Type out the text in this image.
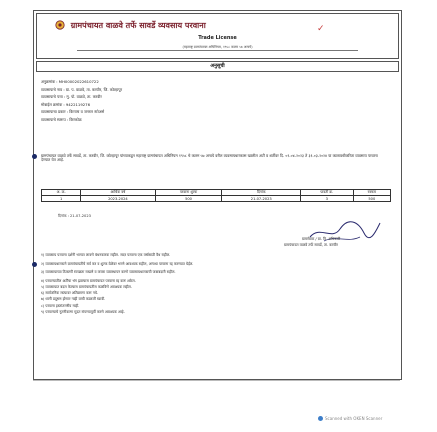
ग्रामपंचायत वाळवे तर्फे सावर्डे व्यवसाय परवाना
Trade License
(महाराष्ट्र ग्रामपंचायत अधिनियम, १९५८ कलम ५७ अन्वये)
✓
अनुसूची
अनुक्रमांक : MH00002022610722
व्यवसायाचे नाव : ग्रा. प. वाळवे, ता. करवीर, जि. कोल्हापूर
व्यवसायाचे पत्ता : मु. पो. वाळवे, ता. करवीर
मोबाईल क्रमांक : 9422119276
व्यवसायाचा प्रकार : किराणा व जनरल स्टोअर्स
व्यवसायाचे स्वरूप : किरकोळ
ग्रामपंचायत वाळवे तर्फे सावर्डे, ता. करवीर, जि. कोल्हापूर यांच्याकडून महाराष्ट्र ग्रामपंचायत अधिनियम १९५८ चे कलम ५७ अन्वये वरील व्यवसायधारकास खालील अटी व शर्तीवर दि. ०१-०४-२०२३ ते ३१-०३-२०२४ या कालावधीकरिता व्यवसाय परवाना देण्यात येत आहे.
अ. क्र.	आर्थिक वर्ष	परवाना शुल्क	दिनांक	पावती क्र.	रक्कम
1	2023-2024	500	21-07-2023	3	500
दिनांक : 21-07-2023
ग्रामसेवक / ग्रा. वि. अधिकारी
ग्रामपंचायत वाळवे तर्फे सावर्डे, ता. करवीर
१) व्यवसाय परवाना दर्शनी भागात लावणे बंधनकारक राहील. सदर परवाना एक वर्षासाठी वैध राहील.
२) व्यवसायधारकाने ग्रामपंचायतीचे सर्व कर व शुल्क वेळेवर भरणे आवश्यक राहील, अन्यथा परवाना रद्द करण्यात येईल.
३) व्यवसायाच्या ठिकाणी स्वच्छता राखणे व कचरा व्यवस्थापन करणे व्यवसायधारकाची जबाबदारी राहील.
४) परवान्यातील अटींचा भंग झाल्यास ग्रामपंचायत परवाना रद्द करू शकेल.
५) व्यवसायात बदल केल्यास ग्रामपंचायतीस कळविणे आवश्यक राहील.
६) सार्वजनिक रस्त्यावर अतिक्रमण करू नये.
७) ध्वनी प्रदूषण होणार नाही याची काळजी घ्यावी.
८) परवाना हस्तांतरणीय नाही.
९) परवान्याचे नूतनीकरण मुदत संपण्यापूर्वी करणे आवश्यक आहे.
Scanned with OKEN Scanner
